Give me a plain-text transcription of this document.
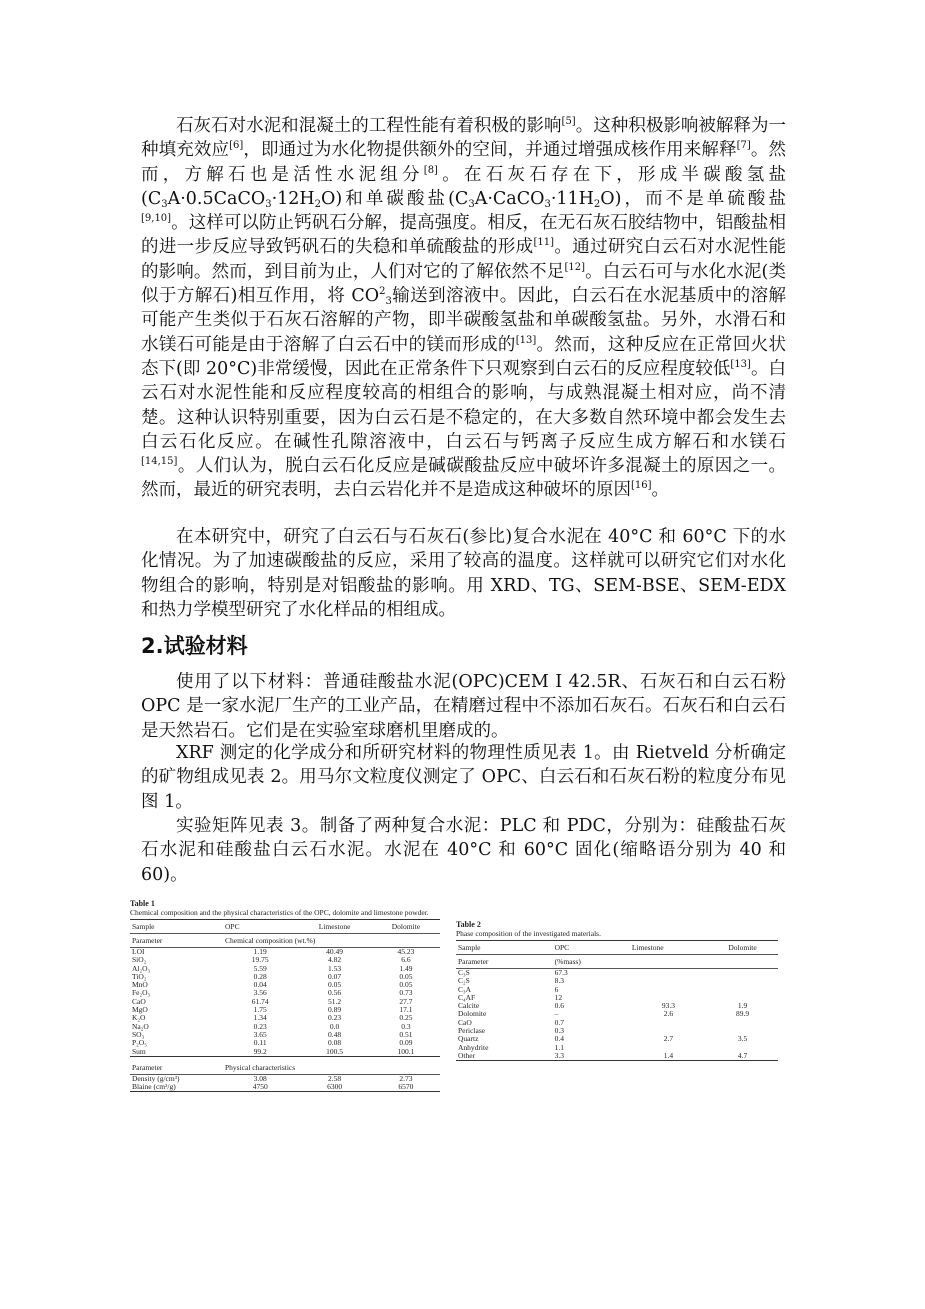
石灰石对水泥和混凝土的工程性能有着积极的影响[5]。这种积极影响被解释为一种填充效应[6]，即通过为水化物提供额外的空间，并通过增强成核作用来解释[7]。然而，方解石也是活性水泥组分[8]。在石灰石存在下，形成半碳酸氢盐 $(C_3A\cdot 0.5CaCO_3\cdot 12H_2O)$和单碳酸盐$(C_3A\cdot CaCO_3\cdot 11H_2O)$，而不是单硫酸盐[9,10]。这样可以防止钙矾石分解，提高强度。相反，在无石灰石胶结物中，铝酸盐相的进一步反应导致钙矾石的失稳和单硫酸盐的形成[11]。通过研究白云石对水泥性能的影响。然而，到目前为止，人们对它的了解依然不足[12]。白云石可与水化水泥(类似于方解石)相互作用，将 $CO^2_3$输送到溶液中。因此，白云石在水泥基质中的溶解可能产生类似于石灰石溶解的产物，即半碳酸氢盐和单碳酸氢盐。另外，水滑石和水镁石可能是由于溶解了白云石中的镁而形成的[13]。然而，这种反应在正常回火状态下(即 20°C)非常缓慢，因此在正常条件下只观察到白云石的反应程度较低[13]。白云石对水泥性能和反应程度较高的相组合的影响，与成熟混凝土相对应，尚不清楚。这种认识特别重要，因为白云石是不稳定的，在大多数自然环境中都会发生去白云石化反应。在碱性孔隙溶液中，白云石与钙离子反应生成方解石和水镁石[14,15]。人们认为，脱白云石化反应是碱碳酸盐反应中破坏许多混凝土的原因之一。然而，最近的研究表明，去白云岩化并不是造成这种破坏的原因[16]。

在本研究中，研究了白云石与石灰石(参比)复合水泥在 40°C 和 60°C 下的水化情况。为了加速碳酸盐的反应，采用了较高的温度。这样就可以研究它们对水化物组合的影响，特别是对铝酸盐的影响。用 XRD、TG、SEM-BSE、SEM-EDX 和热力学模型研究了水化样品的相组成。

2.试验材料

使用了以下材料：普通硅酸盐水泥(OPC)CEM I 42.5R、石灰石和白云石粉 OPC 是一家水泥厂生产的工业产品，在精磨过程中不添加石灰石。石灰石和白云石是天然岩石。它们是在实验室球磨机里磨成的。

XRF 测定的化学成分和所研究材料的物理性质见表 1。由 Rietveld 分析确定的矿物组成见表 2。用马尔文粒度仪测定了 OPC、白云石和石灰石粉的粒度分布见图 1。

实验矩阵见表 3。制备了两种复合水泥：PLC 和 PDC，分别为：硅酸盐石灰石水泥和硅酸盐白云石水泥。水泥在 40°C 和 60°C 固化(缩略语分别为 40 和 60)。

Table 1
Chemical composition and the physical characteristics of the OPC, dolomite and limestone powder.
Sample	OPC	Limestone	Dolomite
Parameter	Chemical composition (wt.%)		
LOI	1.19	40.49	45.23
SiO₂	19.75	4.82	6.6
Al₂O₃	5.59	1.53	1.49
TiO₂	0.28	0.07	0.05
MnO	0.04	0.05	0.05
Fe₂O₃	3.56	0.56	0.73
CaO	61.74	51.2	27.7
MgO	1.75	0.89	17.1
K₂O	1.34	0.23	0.25
Na₂O	0.23	0.0	0.3
SO₃	3.65	0.48	0.51
P₂O₅	0.11	0.08	0.09
Sum	99.2	100.5	100.1
Parameter	Physical characteristics		
Density (g/cm³)	3.08	2.58	2.73
Blaine (cm²/g)	4750	6300	6570
Table 2
Phase composition of the investigated materials.
Sample	OPC	Limestone	Dolomite
Parameter	(%mass)		
C₃S	67.3		
C₂S	8.3		
C₃A	6		
C₄AF	12		
Calcite	0.6	93.3	1.9
Dolomite	–	2.6	89.9
CaO	0.7		
Periclase	0.3		
Quartz	0.4	2.7	3.5
Anhydrite	1.1		
Other	3.3	1.4	4.7
